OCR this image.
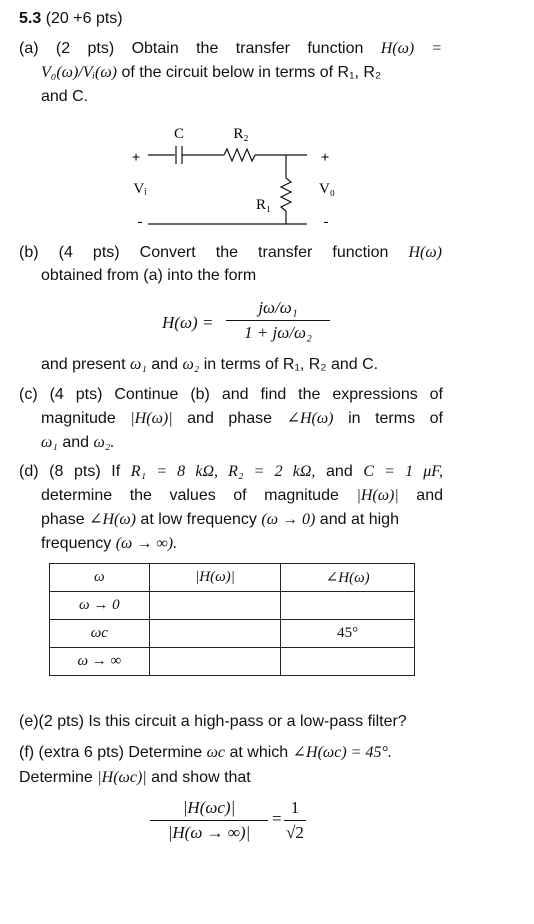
5.3 (20 +6 pts)
(a) (2 pts) Obtain the transfer function H(ω) =
V₀(ω)/Vᵢ(ω) of the circuit below in terms of R₁, R₂
and C.
C	R₂
R₁
+
Vᵢ
-
+
V₀
-
(b) (4 pts) Convert the transfer function H(ω)
obtained from (a) into the form
H(ω) =
jω/ω₁
1 + jω/ω₂
and present ω₁ and ω₂ in terms of R₁, R₂ and C.
(c) (4 pts) Continue (b) and find the expressions of
magnitude |H(ω)| and phase ∠H(ω) in terms of
ω₁ and ω₂.
(d) (8 pts) If R₁ = 8 kΩ, R₂ = 2 kΩ, and C = 1 μF,
determine the values of magnitude |H(ω)| and
phase ∠H(ω) at low frequency (ω → 0) and at high
frequency (ω → ∞).
ω	|H(ω)|	∠H(ω)
ω → 0		
ωc		45°
ω → ∞		
(e)(2 pts) Is this circuit a high-pass or a low-pass filter?
(f) (extra 6 pts) Determine ωc at which ∠H(ωc) = 45°.
Determine |H(ωc)| and show that
|H(ωc)|
|H(ω → ∞)|
=
1
√2
